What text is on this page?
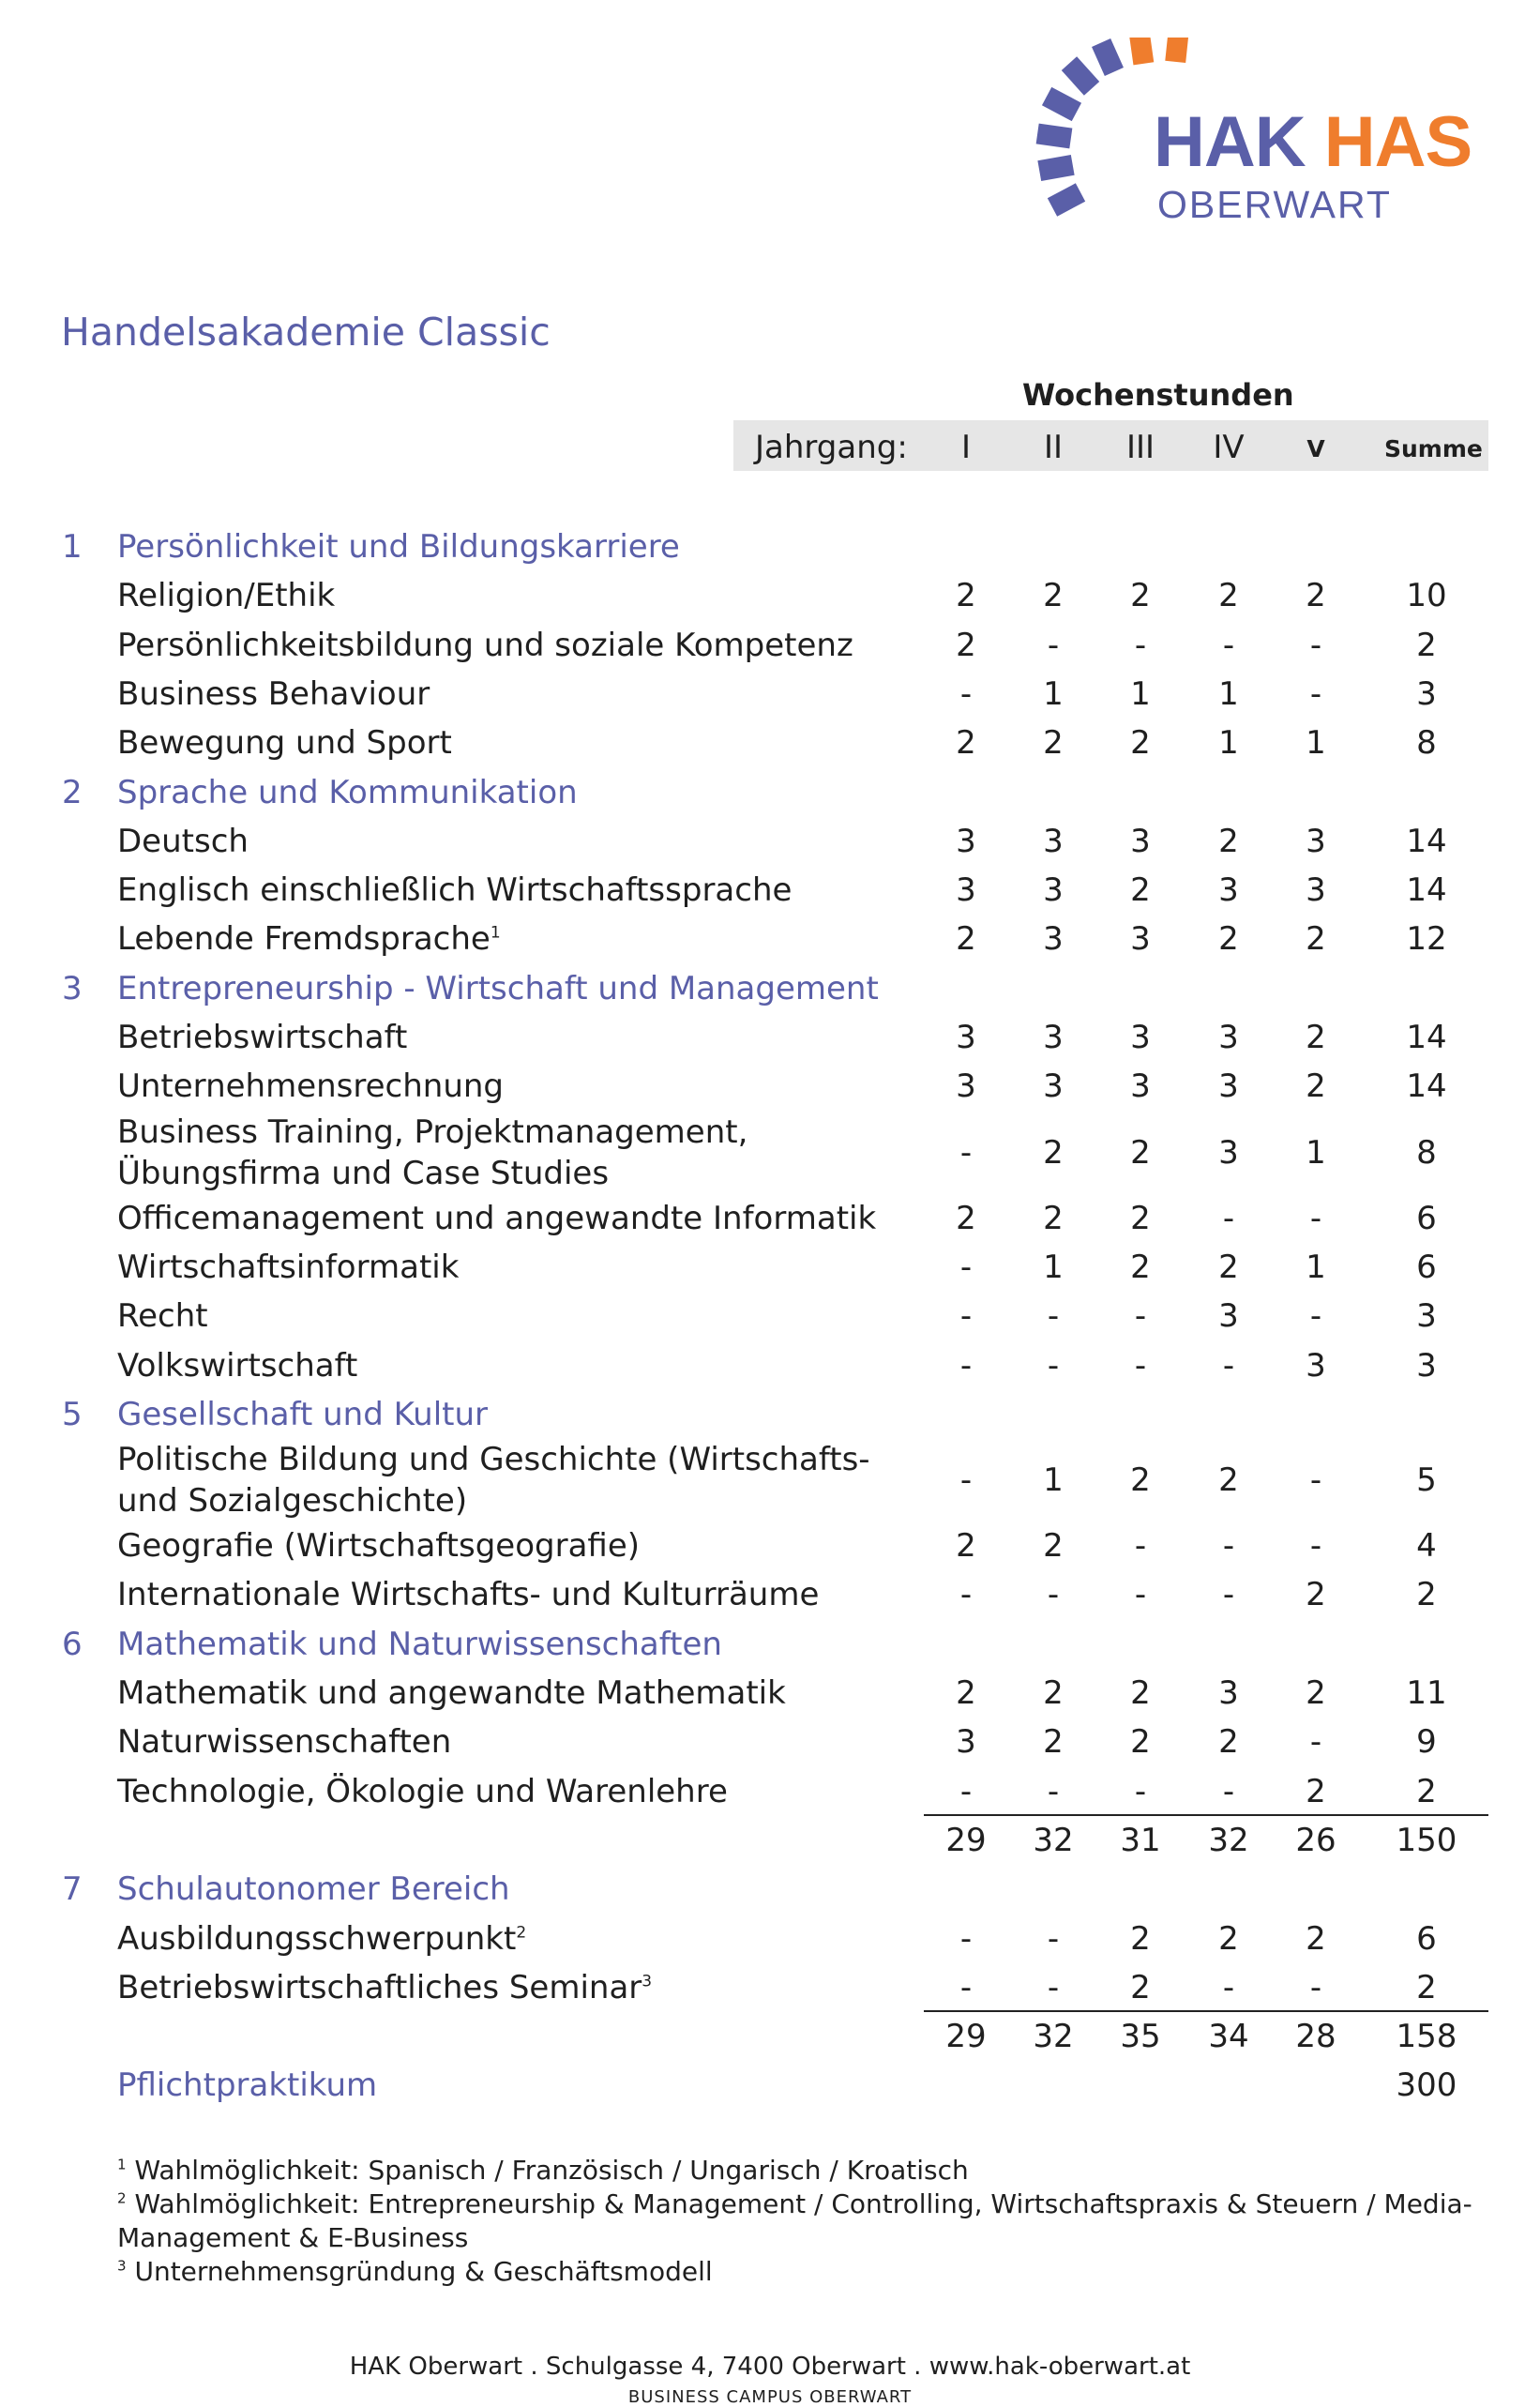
HAK HAS
OBERWART
Handelsakademie Classic
Wochenstunden
Jahrgang:	I	II	III	IV	V	Summe
1 Persönlichkeit und Bildungskarriere
Religion/Ethik	2	2	2	2	2	10
Persönlichkeitsbildung und soziale Kompetenz	2	-	-	-	-	2
Business Behaviour	-	1	1	1	-	3
Bewegung und Sport	2	2	2	1	1	8
2 Sprache und Kommunikation
Deutsch	3	3	3	2	3	14
Englisch einschließlich Wirtschaftssprache	3	3	2	3	3	14
Lebende Fremdsprache$^1$	2	3	3	2	2	12
3 Entrepreneurship - Wirtschaft und Management
Betriebswirtschaft	3	3	3	3	2	14
Unternehmensrechnung	3	3	3	3	2	14
Business Training, Projektmanagement,
Übungsfirma und Case Studies
-	2	2	3	1	8
Officemanagement und angewandte Informatik	2	2	2	-	-	6
Wirtschaftsinformatik	-	1	2	2	1	6
Recht	-	-	-	3	-	3
Volkswirtschaft	-	-	-	-	3	3
5 Gesellschaft und Kultur
Politische Bildung und Geschichte (Wirtschafts-
und Sozialgeschichte)
-	1	2	2	-	5
Geografie (Wirtschaftsgeografie)	2	2	-	-	-	4
Internationale Wirtschafts- und Kulturräume	-	-	-	-	2	2
6 Mathematik und Naturwissenschaften
Mathematik und angewandte Mathematik	2	2	2	3	2	11
Naturwissenschaften	3	2	2	2	-	9
Technologie, Ökologie und Warenlehre	-	-	-	-	2	2
29	32	31	32	26	150
7 Schulautonomer Bereich
Ausbildungsschwerpunkt$^2$	-	-	2	2	2	6
Betriebswirtschaftliches Seminar$^3$	-	-	2	-	-	2
29	32	35	34	28	158
Pflichtpraktikum	300
$^1$ Wahlmöglichkeit: Spanisch / Französisch / Ungarisch / Kroatisch
$^2$ Wahlmöglichkeit: Entrepreneurship & Management / Controlling, Wirtschaftspraxis & Steuern / Media-
Management & E-Business
$^3$ Unternehmensgründung & Geschäftsmodell
HAK Oberwart . Schulgasse 4, 7400 Oberwart . www.hak-oberwart.at
BUSINESS CAMPUS OBERWART
